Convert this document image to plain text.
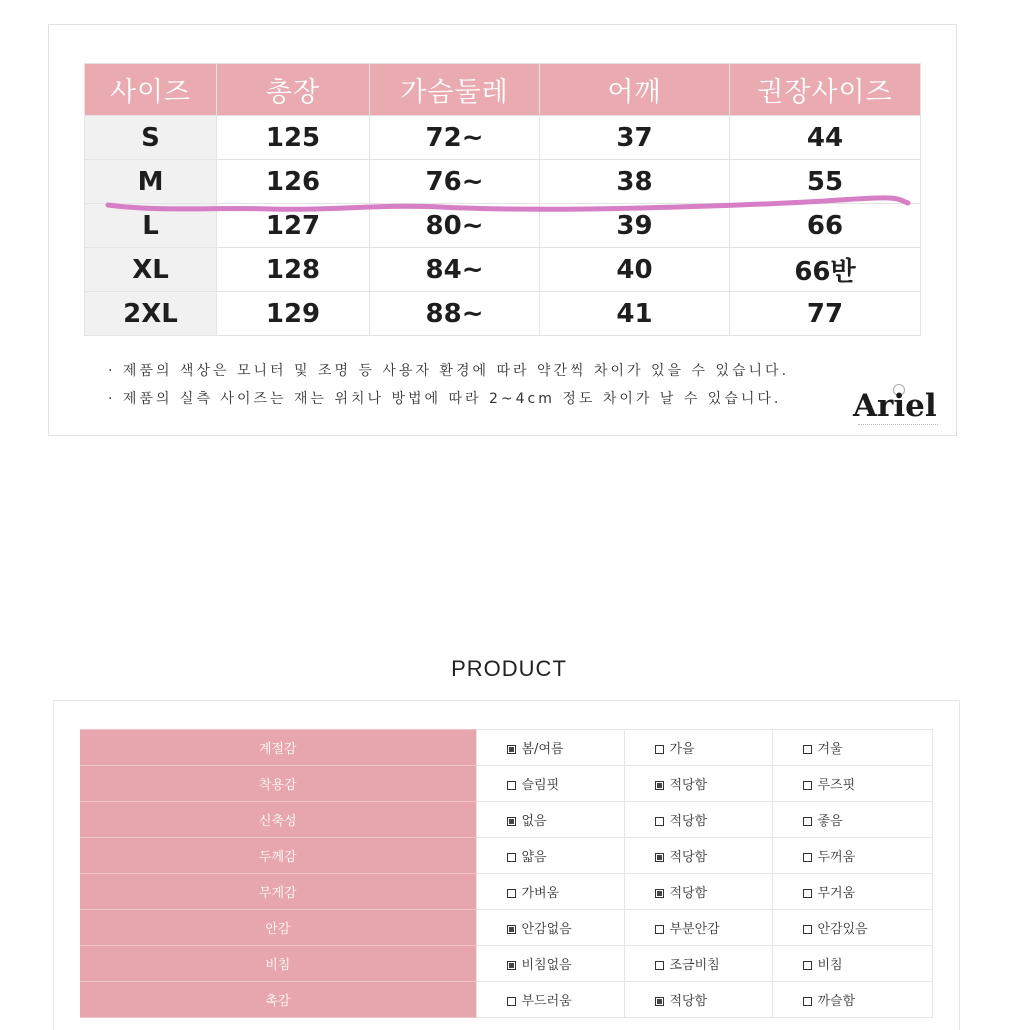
사이즈	총장	가슴둘레	어깨	권장사이즈
S	125	72~	37	44
M	126	76~	38	55
L	127	80~	39	66
XL	128	84~	40	66반
2XL	129	88~	41	77
· 제품의 색상은 모니터 및 조명 등 사용자 환경에 따라 약간씩 차이가 있을 수 있습니다.
· 제품의 실측 사이즈는 재는 위치나 방법에 따라 2~4cm 정도 차이가 날 수 있습니다. Ariel
PRODUCT
계절감	봄/여름	가을	겨울
착용감	슬림핏	적당함	루즈핏
신축성	없음	적당함	좋음
두께감	얇음	적당함	두꺼움
무게감	가벼움	적당함	무거움
안감	안감없음	부분안감	안감있음
비침	비침없음	조금비침	비침
촉감	부드러움	적당함	까슬함
